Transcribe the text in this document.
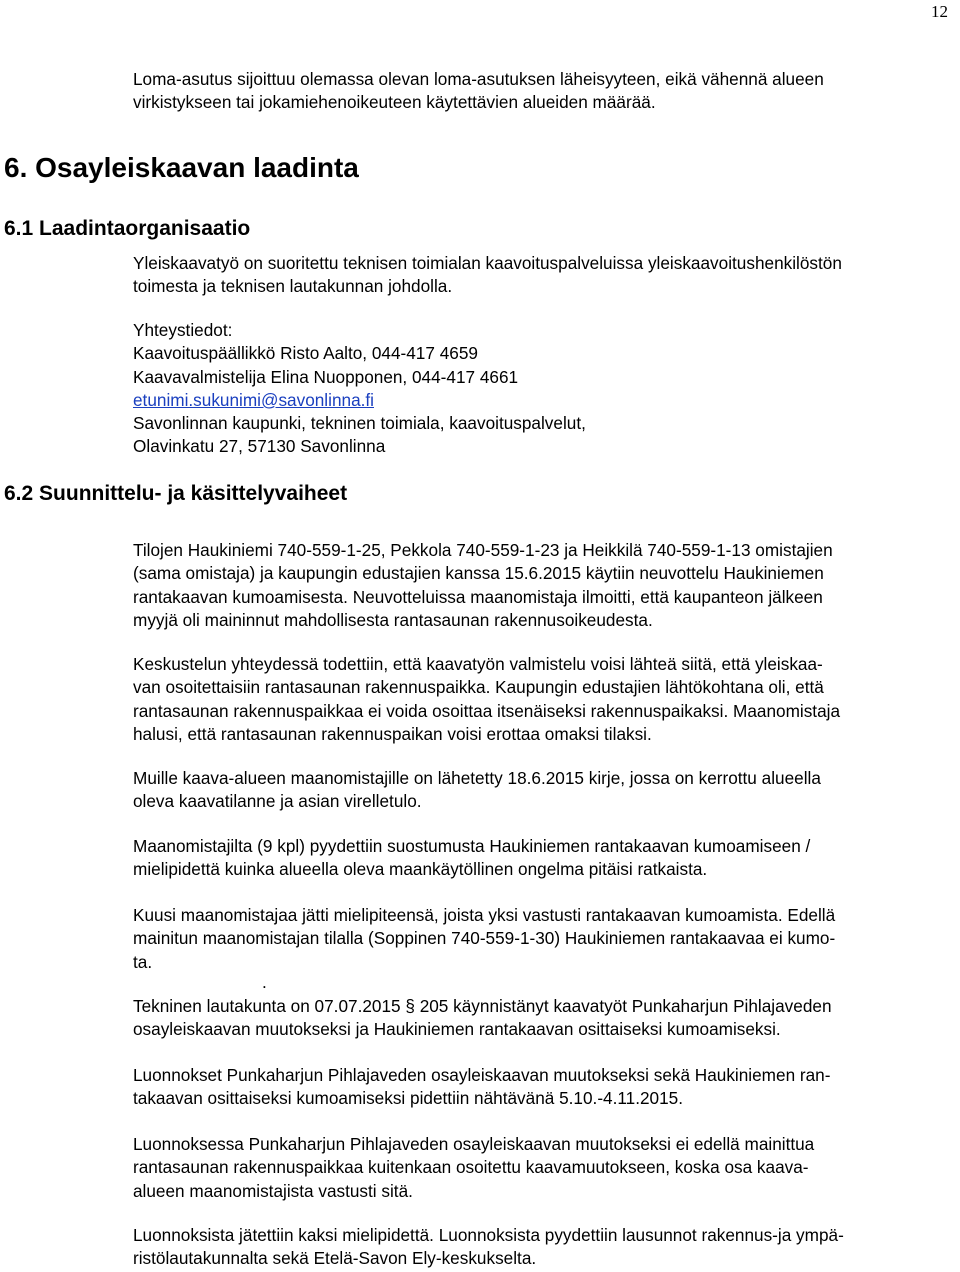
12

Loma-asutus sijoittuu olemassa olevan loma-asutuksen läheisyyteen, eikä vähennä alueen
virkistykseen tai jokamiehenoikeuteen käytettävien alueiden määrää.

6. Osayleiskaavan laadinta
6.1 Laadintaorganisaatio

Yleiskaavatyö on suoritettu teknisen toimialan kaavoituspalveluissa yleiskaavoitushenkilöstön
toimesta ja teknisen lautakunnan johdolla.

Yhteystiedot:
Kaavoituspäällikkö Risto Aalto, 044-417 4659
Kaavavalmistelija Elina Nuopponen, 044-417 4661
etunimi.sukunimi@savonlinna.fi
Savonlinnan kaupunki, tekninen toimiala, kaavoituspalvelut,
Olavinkatu 27, 57130 Savonlinna

6.2 Suunnittelu- ja käsittelyvaiheet

Tilojen Haukiniemi 740-559-1-25, Pekkola 740-559-1-23 ja Heikkilä 740-559-1-13 omistajien
(sama omistaja) ja kaupungin edustajien kanssa 15.6.2015 käytiin neuvottelu Haukiniemen
rantakaavan kumoamisesta. Neuvotteluissa maanomistaja ilmoitti, että kaupanteon jälkeen
myyjä oli maininnut mahdollisesta rantasaunan rakennusoikeudesta.

Keskustelun yhteydessä todettiin, että kaavatyön valmistelu voisi lähteä siitä, että yleiskaa-
van osoitettaisiin rantasaunan rakennuspaikka. Kaupungin edustajien lähtökohtana oli, että
rantasaunan rakennuspaikkaa ei voida osoittaa itsenäiseksi rakennuspaikaksi. Maanomistaja
halusi, että rantasaunan rakennuspaikan voisi erottaa omaksi tilaksi.

Muille kaava-alueen maanomistajille on lähetetty 18.6.2015 kirje, jossa on kerrottu alueella
oleva kaavatilanne ja asian virelletulo.

Maanomistajilta (9 kpl) pyydettiin suostumusta Haukiniemen rantakaavan kumoamiseen /
mielipidettä kuinka alueella oleva maankäytöllinen ongelma pitäisi ratkaista.

Kuusi maanomistajaa jätti mielipiteensä, joista yksi vastusti rantakaavan kumoamista. Edellä
mainitun maanomistajan tilalla (Soppinen 740-559-1-30) Haukiniemen rantakaavaa ei kumo-
ta.

.

Tekninen lautakunta on 07.07.2015 § 205 käynnistänyt kaavatyöt Punkaharjun Pihlajaveden
osayleiskaavan muutokseksi ja Haukiniemen rantakaavan osittaiseksi kumoamiseksi.

Luonnokset Punkaharjun Pihlajaveden osayleiskaavan muutokseksi sekä Haukiniemen ran-
takaavan osittaiseksi kumoamiseksi pidettiin nähtävänä 5.10.-4.11.2015.

Luonnoksessa Punkaharjun Pihlajaveden osayleiskaavan muutokseksi ei edellä mainittua
rantasaunan rakennuspaikkaa kuitenkaan osoitettu kaavamuutokseen, koska osa kaava-
alueen maanomistajista vastusti sitä.

Luonnoksista jätettiin kaksi mielipidettä. Luonnoksista pyydettiin lausunnot rakennus-ja ympä-
ristölautakunnalta sekä Etelä-Savon Ely-keskukselta.
